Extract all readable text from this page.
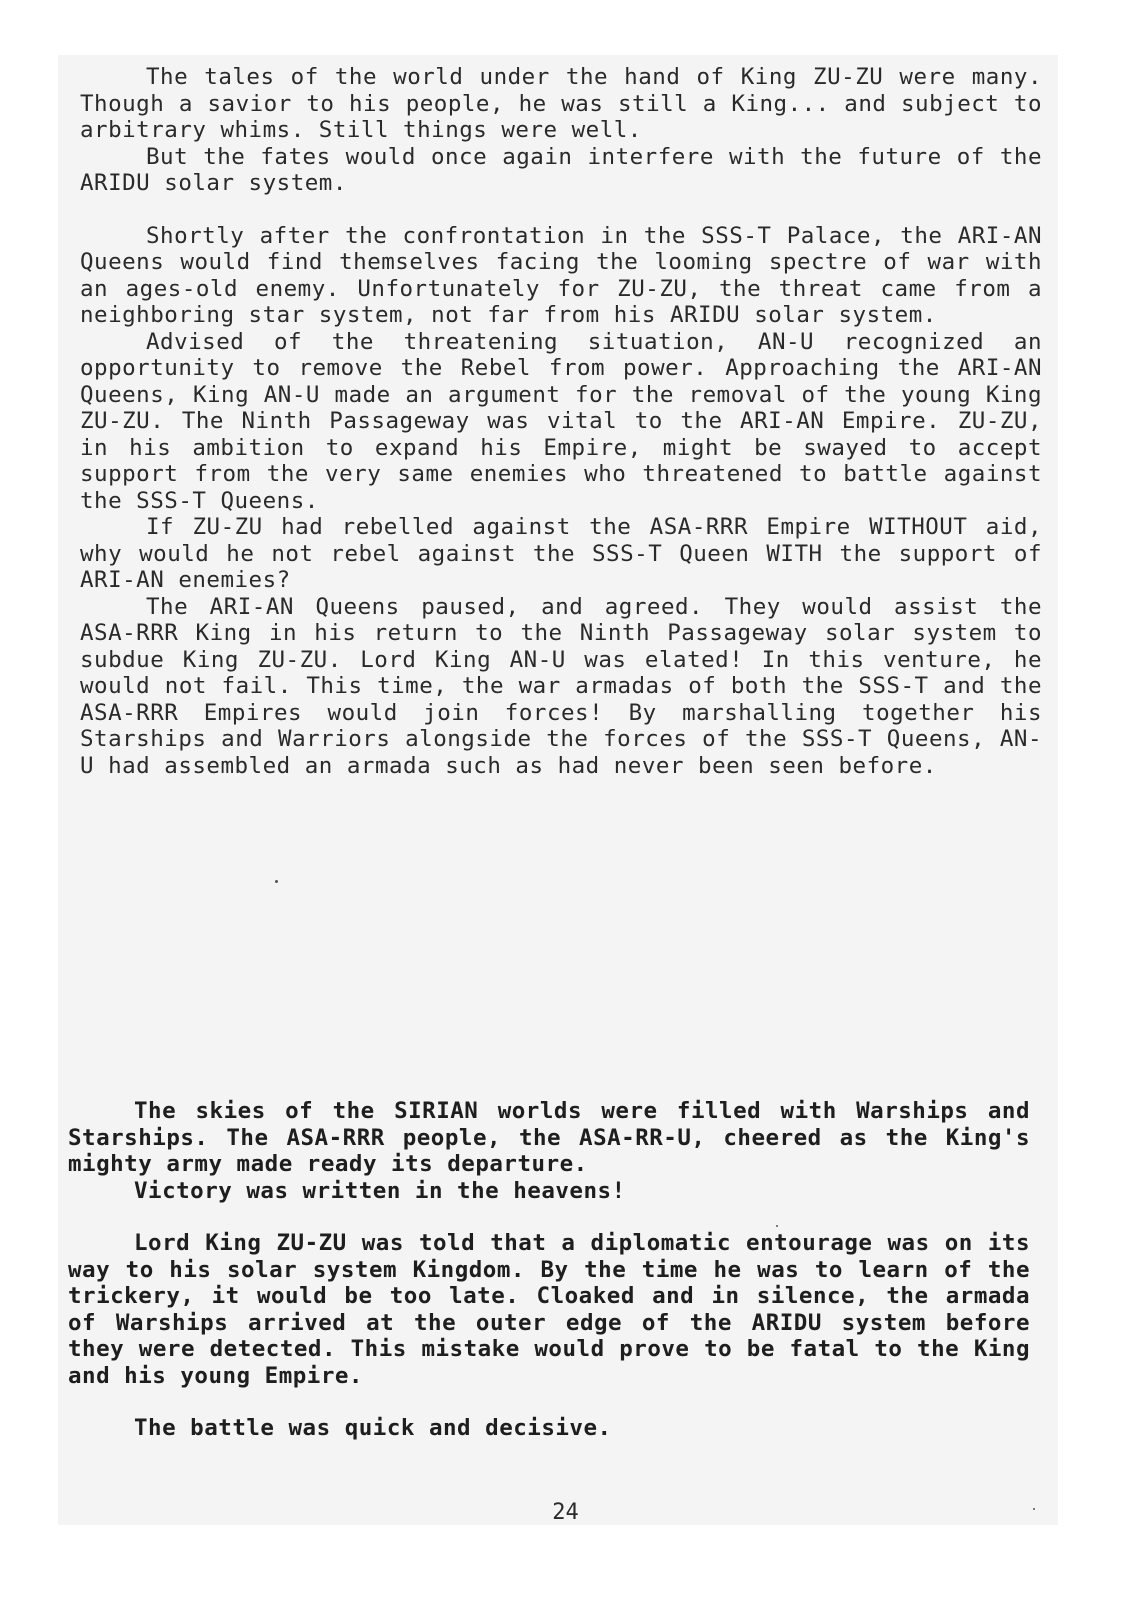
The tales of the world under the hand of King ZU-ZU were many. Though a savior to his people, he was still a King... and subject to arbitrary whims. Still things were well.

But the fates would once again interfere with the future of the ARIDU solar system.

Shortly after the confrontation in the SSS-T Palace, the ARI-AN Queens would find themselves facing the looming spectre of war with an ages-old enemy. Unfortunately for ZU-ZU, the threat came from a neighboring star system, not far from his ARIDU solar system.

Advised of the threatening situation, AN-U recognized an opportunity to remove the Rebel from power. Approaching the ARI-AN Queens, King AN-U made an argument for the removal of the young King ZU-ZU. The Ninth Passageway was vital to the ARI-AN Empire. ZU-ZU, in his ambition to expand his Empire, might be swayed to accept support from the very same enemies who threatened to battle against the SSS-T Queens.

If ZU-ZU had rebelled against the ASA-RRR Empire WITHOUT aid, why would he not rebel against the SSS-T Queen WITH the support of ARI-AN enemies?

The ARI-AN Queens paused, and agreed. They would assist the ASA-RRR King in his return to the Ninth Passageway solar system to subdue King ZU-ZU. Lord King AN-U was elated! In this venture, he would not fail. This time, the war armadas of both the SSS-T and the ASA-RRR Empires would join forces! By marshalling together his Starships and Warriors alongside the forces of the SSS-T Queens, AN-U had assembled an armada such as had never been seen before.

The skies of the SIRIAN worlds were filled with Warships and Starships. The ASA-RRR people, the ASA-RR-U, cheered as the King's mighty army made ready its departure.

Victory was written in the heavens!

Lord King ZU-ZU was told that a diplomatic entourage was on its way to his solar system Kingdom. By the time he was to learn of the trickery, it would be too late. Cloaked and in silence, the armada of Warships arrived at the outer edge of the ARIDU system before they were detected. This mistake would prove to be fatal to the King and his young Empire.

The battle was quick and decisive.

24
